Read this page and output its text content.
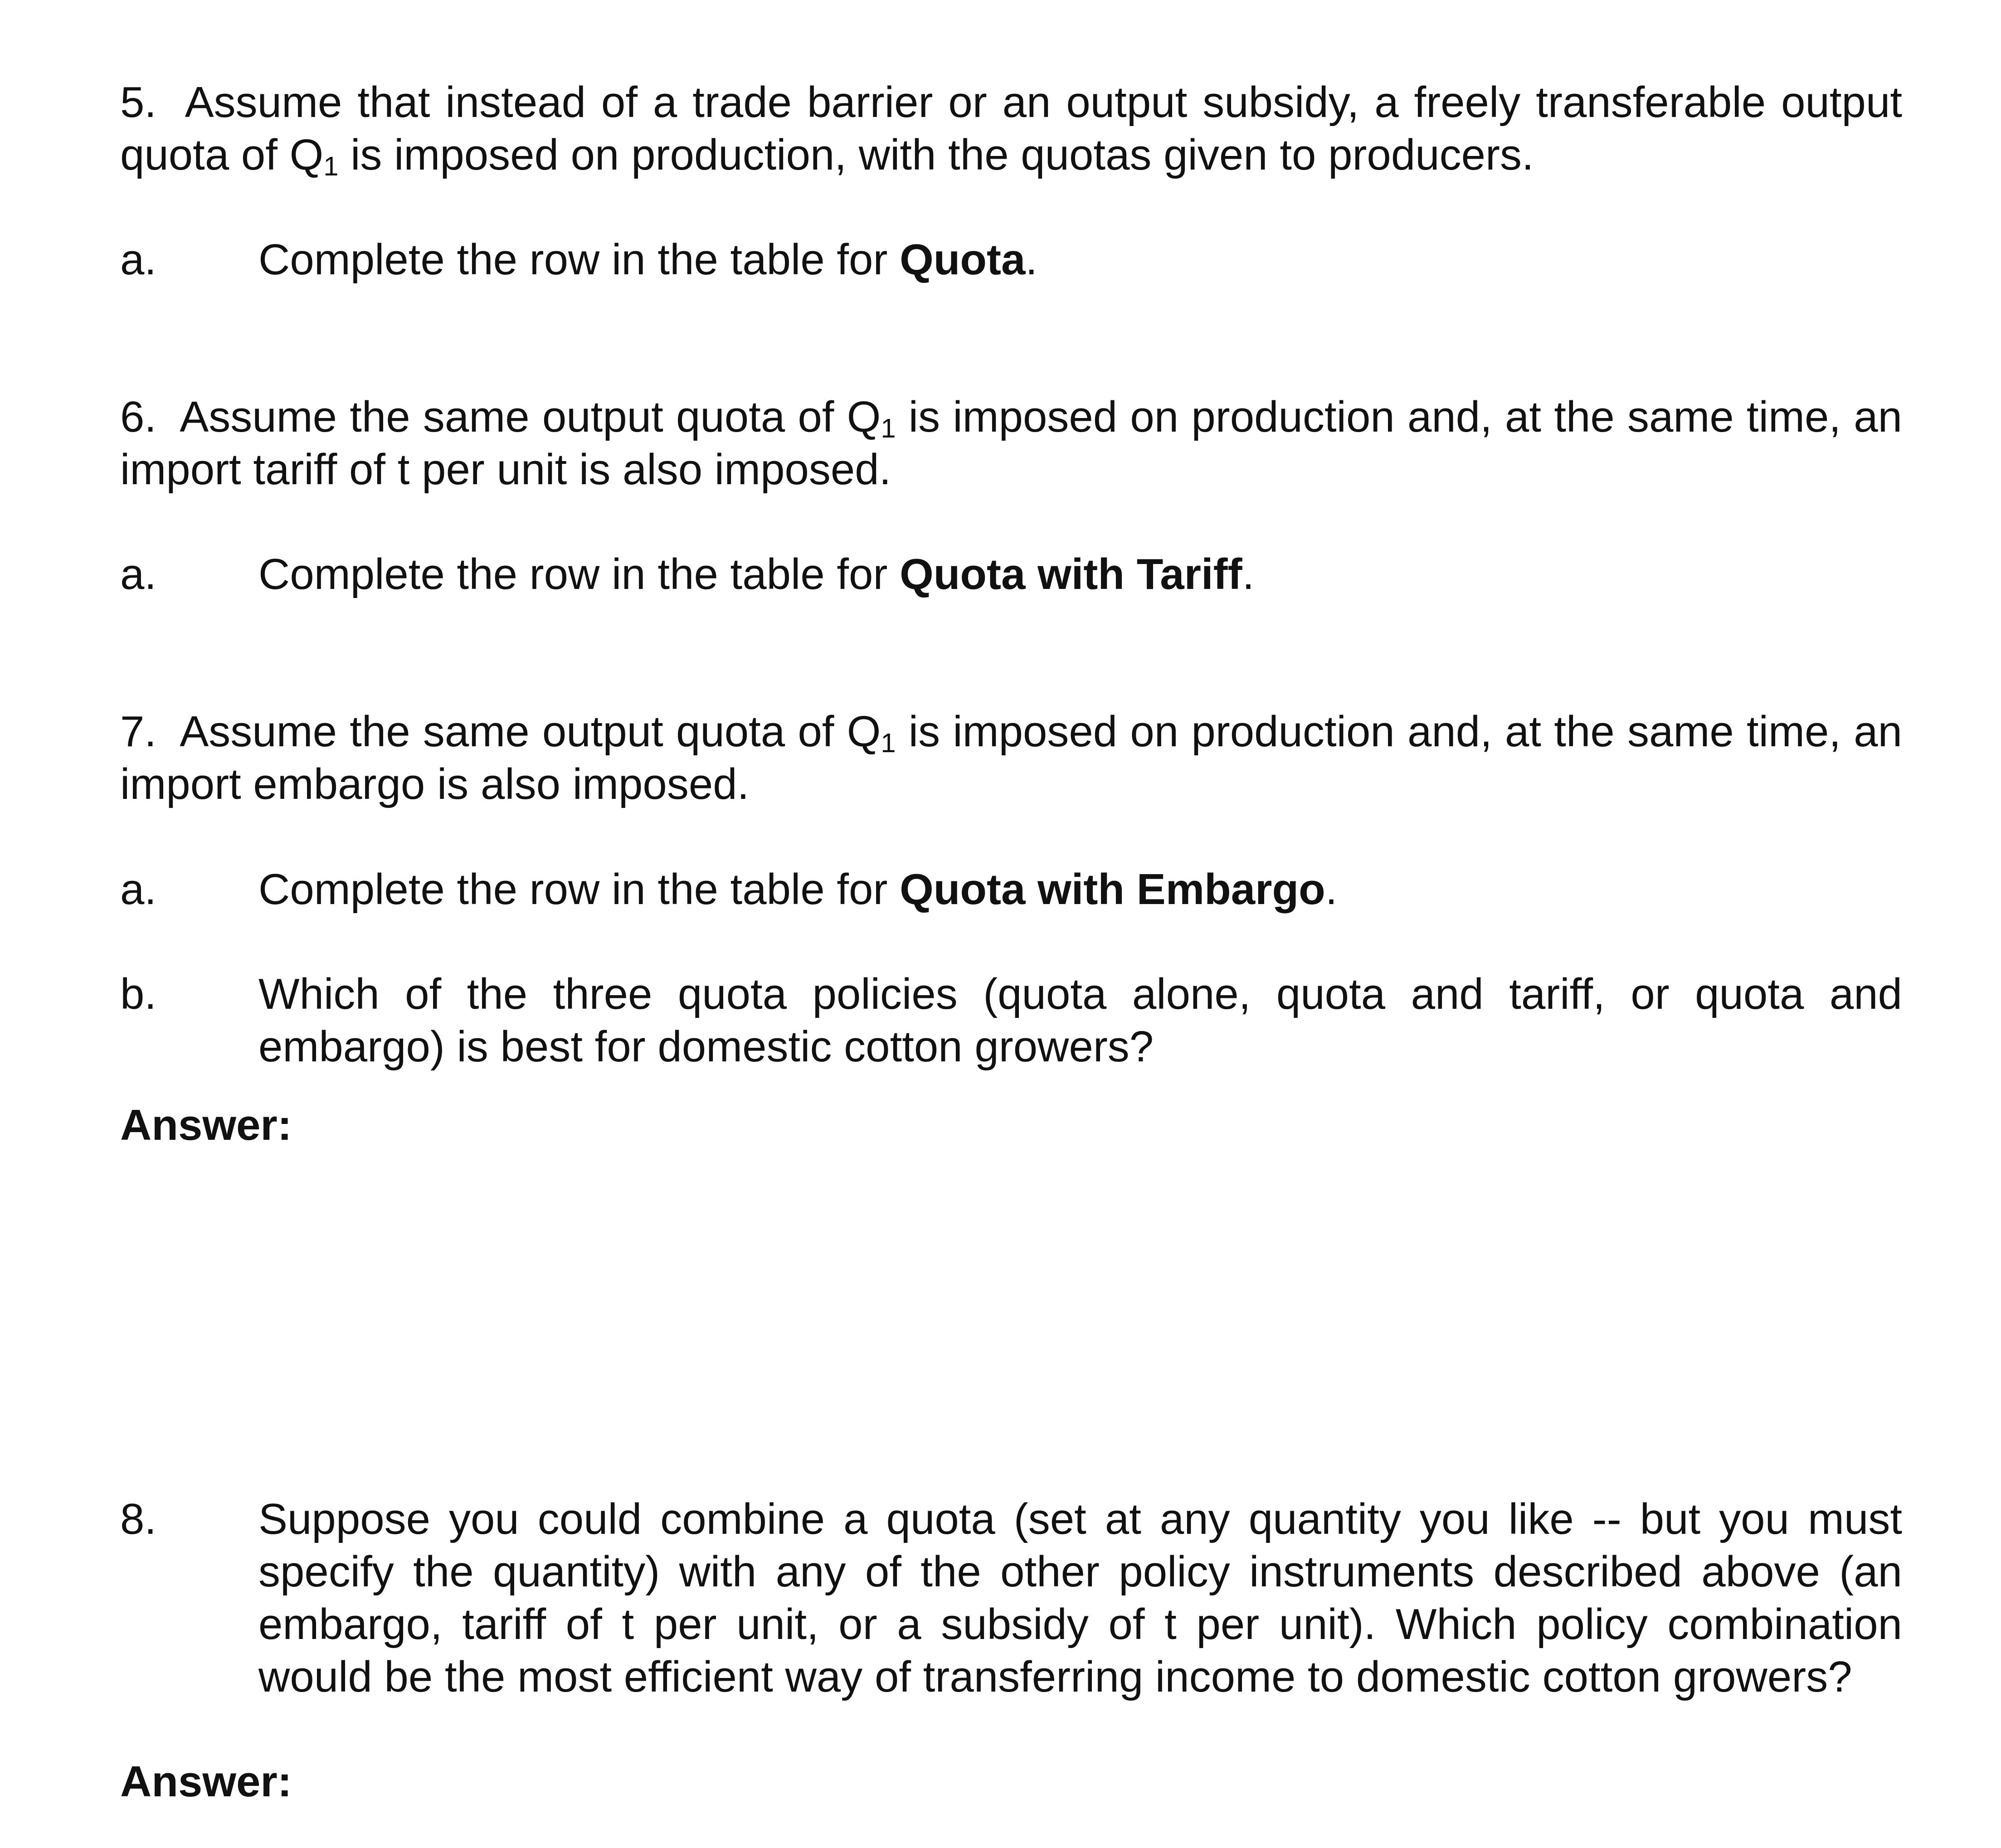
5. Assume that instead of a trade barrier or an output subsidy, a freely transferable output quota of $Q_1$ is imposed on production, with the quotas given to producers.
a. Complete the row in the table for Quota.
6. Assume the same output quota of $Q_1$ is imposed on production and, at the same time, an import tariff of t per unit is also imposed.
a. Complete the row in the table for Quota with Tariff.
7. Assume the same output quota of $Q_1$ is imposed on production and, at the same time, an import embargo is also imposed.
a. Complete the row in the table for Quota with Embargo.
b. Which of the three quota policies (quota alone, quota and tariff, or quota and embargo) is best for domestic cotton growers?
Answer:
8. Suppose you could combine a quota (set at any quantity you like -- but you must specify the quantity) with any of the other policy instruments described above (an embargo, tariff of t per unit, or a subsidy of t per unit). Which policy combination would be the most efficient way of transferring income to domestic cotton growers?
Answer:
